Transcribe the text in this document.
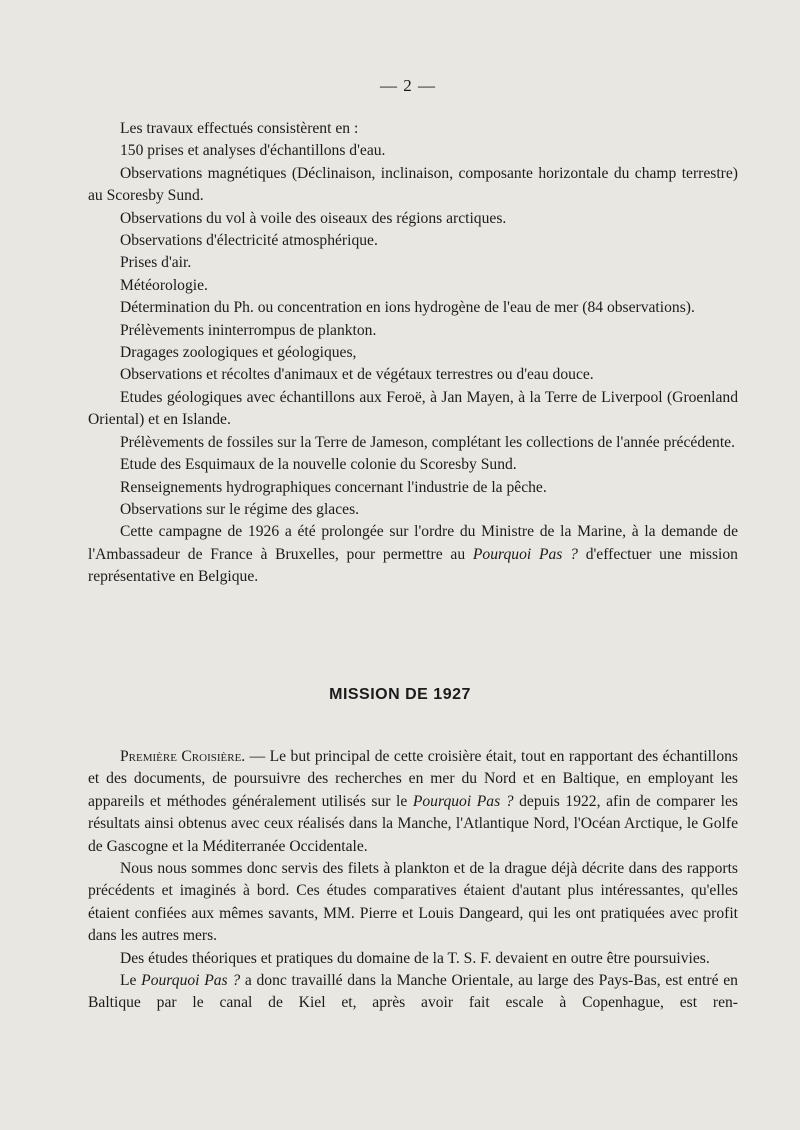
— 2 —

Les travaux effectués consistèrent en :

150 prises et analyses d'échantillons d'eau.

Observations magnétiques (Déclinaison, inclinaison, composante horizontale du champ terrestre) au Scoresby Sund.

Observations du vol à voile des oiseaux des régions arctiques.

Observations d'électricité atmosphérique.

Prises d'air.

Météorologie.

Détermination du Ph. ou concentration en ions hydrogène de l'eau de mer (84 observations).

Prélèvements ininterrompus de plankton.

Dragages zoologiques et géologiques,

Observations et récoltes d'animaux et de végétaux terrestres ou d'eau douce.

Etudes géologiques avec échantillons aux Feroë, à Jan Mayen, à la Terre de Liverpool (Groenland Oriental) et en Islande.

Prélèvements de fossiles sur la Terre de Jameson, complétant les collections de l'année précédente.

Etude des Esquimaux de la nouvelle colonie du Scoresby Sund.

Renseignements hydrographiques concernant l'industrie de la pêche.

Observations sur le régime des glaces.

Cette campagne de 1926 a été prolongée sur l'ordre du Ministre de la Marine, à la demande de l'Ambassadeur de France à Bruxelles, pour permettre au Pourquoi Pas ? d'effectuer une mission représentative en Belgique.

MISSION DE 1927

Première Croisière. — Le but principal de cette croisière était, tout en rapportant des échantillons et des documents, de poursuivre des recherches en mer du Nord et en Baltique, en employant les appareils et méthodes généralement utilisés sur le Pourquoi Pas ? depuis 1922, afin de comparer les résultats ainsi obtenus avec ceux réalisés dans la Manche, l'Atlantique Nord, l'Océan Arctique, le Golfe de Gascogne et la Méditerranée Occidentale.

Nous nous sommes donc servis des filets à plankton et de la drague déjà décrite dans des rapports précédents et imaginés à bord. Ces études comparatives étaient d'autant plus intéressantes, qu'elles étaient confiées aux mêmes savants, MM. Pierre et Louis Dangeard, qui les ont pratiquées avec profit dans les autres mers.

Des études théoriques et pratiques du domaine de la T. S. F. devaient en outre être poursuivies.

Le Pourquoi Pas ? a donc travaillé dans la Manche Orientale, au large des Pays-Bas, est entré en Baltique par le canal de Kiel et, après avoir fait escale à Copenhague, est ren-
